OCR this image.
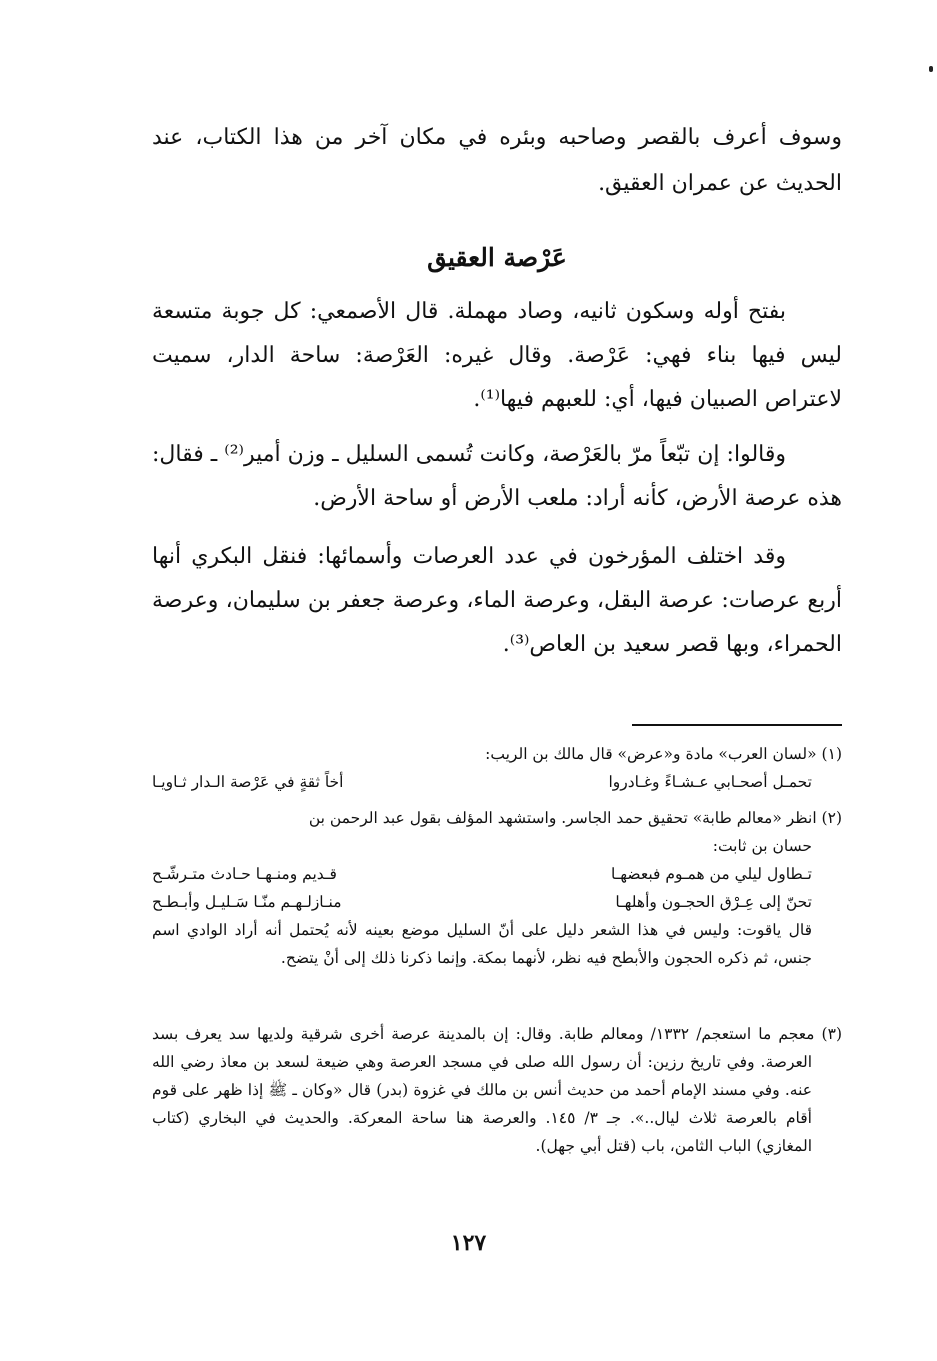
وسوف أعرف بالقصر وصاحبه وبئره في مكان آخر من هذا الكتاب، عند الحديث عن عمران العقيق.

عَرْصة العقيق

بفتح أوله وسكون ثانيه، وصاد مهملة. قال الأصمعي: كل جوبة متسعة ليس فيها بناء فهي: عَرْصة. وقال غيره: العَرْصة: ساحة الدار، سميت لاعتراص الصبيان فيها، أي: للعبهم فيها⁽¹⁾.

وقالوا: إن تبّعاً مرّ بالعَرْصة، وكانت تُسمى السليل ـ وزن أمير⁽²⁾ ـ فقال: هذه عرصة الأرض، كأنه أراد: ملعب الأرض أو ساحة الأرض.

وقد اختلف المؤرخون في عدد العرصات وأسمائها: فنقل البكري أنها أربع عرصات: عرصة البقل، وعرصة الماء، وعرصة جعفر بن سليمان، وعرصة الحمراء، وبها قصر سعيد بن العاص⁽³⁾.

(١) «لسان العرب» مادة و«عرض» قال مالك بن الريب:

تحمـل أصحـابي عـشـاءً وغـادروا
أخاً ثقةٍ في عَرْصة الـدار ثـاويـا

(٢) انظر «معالم طابة» تحقيق حمد الجاسر. واستشهد المؤلف بقول عبد الرحمن بن

حسان بن ثابت:

تـطاول ليلي من همـوم فبعضهـا
قـديم ومنـهـا حـادث متـرشّـح
تحنّ إلى عِـرْق الحجـون وأهلهـا
منـازلـهـم منّـا سَـليـل وأبـطـح

قال ياقوت: وليس في هذا الشعر دليل على أنّ السليل موضع بعينه لأنه يُحتمل أنه أراد الوادي اسم جنس، ثم ذكره الحجون والأبطح فيه نظر، لأنهما بمكة. وإنما ذكرنا ذلك إلى أنْ يتضح.

(٣) معجم ما استعجم/ ١٣٣٢/ ومعالم طابة. وقال: إن بالمدينة عرصة أخرى شرقية ولديها سد يعرف بسد العرصة. وفي تاريخ رزين: أن رسول الله صلى في مسجد العرصة وهي ضيعة لسعد بن معاذ رضي الله عنه. وفي مسند الإمام أحمد من حديث أنس بن مالك في غزوة (بدر) قال «وكان ـ ﷺ إذا ظهر على قوم أقام بالعرصة ثلاث ليال..». جـ ٣/ ١٤٥. والعرصة هنا ساحة المعركة. والحديث في البخاري (كتاب المغازي) الباب الثامن، باب (قتل أبي جهل).

١٢٧
